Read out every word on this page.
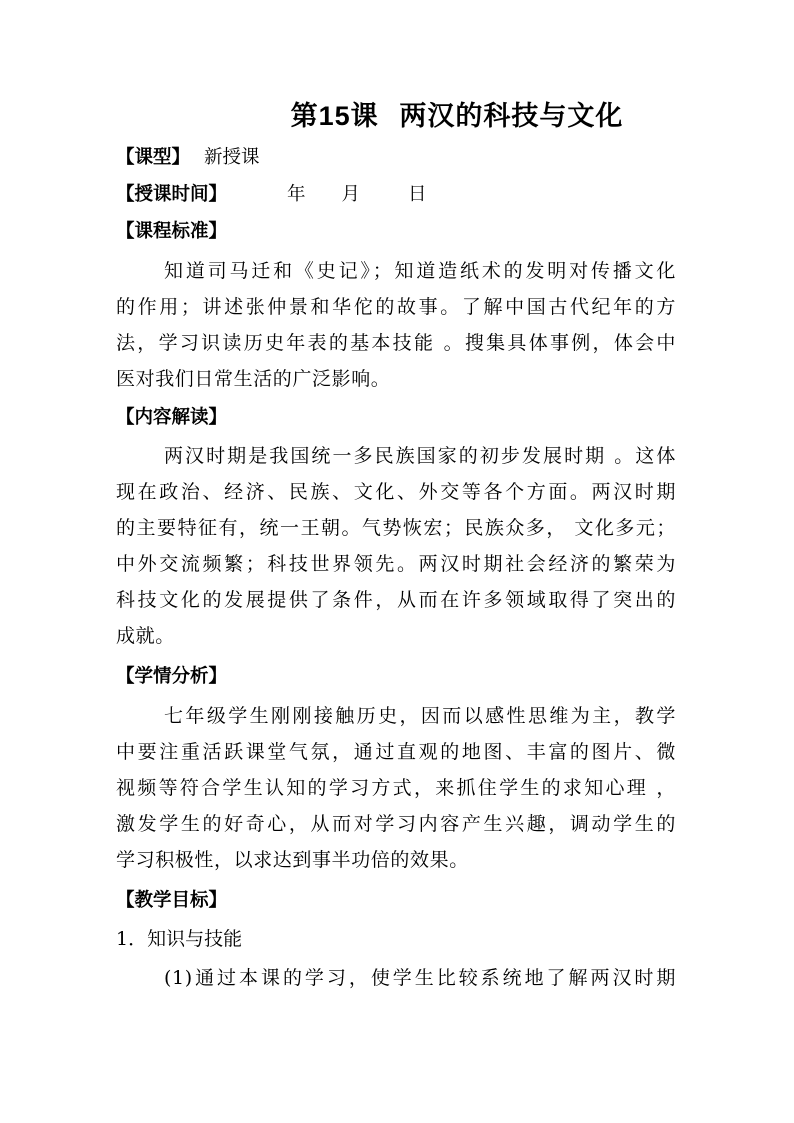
第15课  两汉的科技与文化
【课型】 新授课
【授课时间】	年 月	日
【课程标准】
知道司马迁和《史记》；知道造纸术的发明对传播文化
的作用；讲述张仲景和华佗的故事。了解中国古代纪年的方
法，学习识读历史年表的基本技能 。搜集具体事例，体会中
医对我们日常生活的广泛影响。
【内容解读】
两汉时期是我国统一多民族国家的初步发展时期 。这体
现在政治、经济、民族、文化、外交等各个方面。两汉时期
的主要特征有，统一王朝。气势恢宏；民族众多， 文化多元；
中外交流频繁；科技世界领先。两汉时期社会经济的繁荣为
科技文化的发展提供了条件，从而在许多领域取得了突出的
成就。
【学情分析】
七年级学生刚刚接触历史，因而以感性思维为主，教学
中要注重活跃课堂气氛，通过直观的地图、丰富的图片、微
视频等符合学生认知的学习方式，来抓住学生的求知心理 ，
激发学生的好奇心，从而对学习内容产生兴趣，调动学生的
学习积极性，以求达到事半功倍的效果。
【教学目标】
1．知识与技能
(1)通过本课的学习，使学生比较系统地了解两汉时期
